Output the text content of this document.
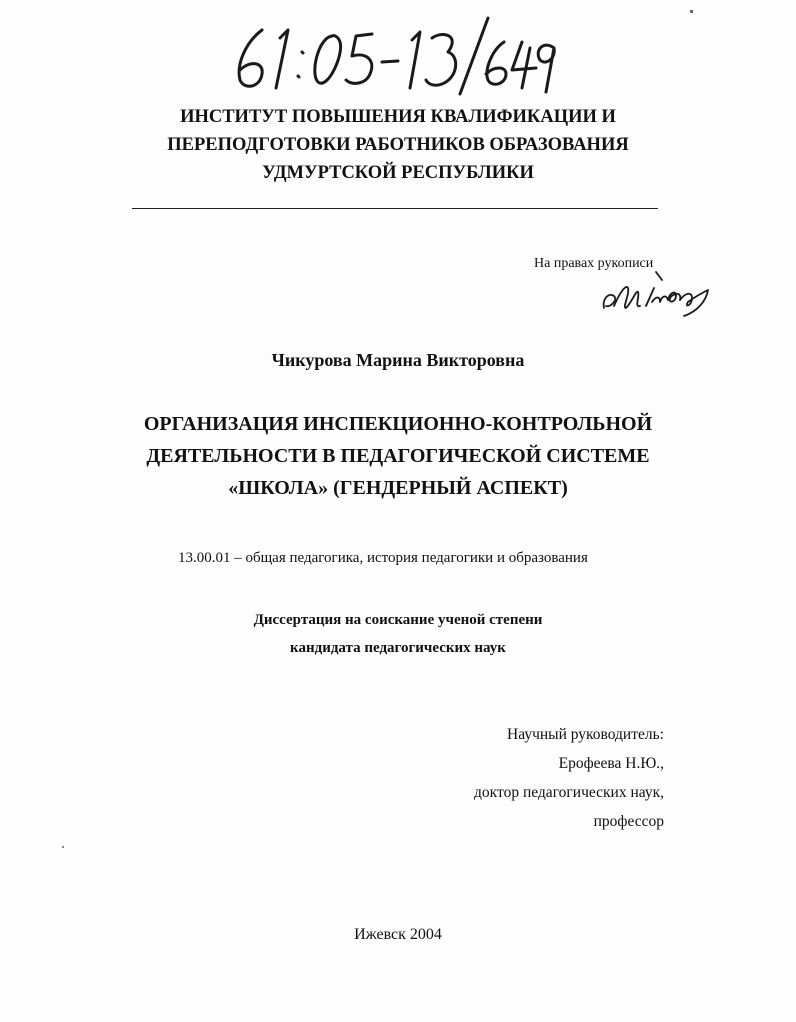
ИНСТИТУТ ПОВЫШЕНИЯ КВАЛИФИКАЦИИ И
ПЕРЕПОДГОТОВКИ РАБОТНИКОВ ОБРАЗОВАНИЯ
УДМУРТСКОЙ РЕСПУБЛИКИ
На правах рукописи
Чикурова Марина Викторовна
ОРГАНИЗАЦИЯ ИНСПЕКЦИОННО-КОНТРОЛЬНОЙ
ДЕЯТЕЛЬНОСТИ В ПЕДАГОГИЧЕСКОЙ СИСТЕМЕ
«ШКОЛА» (ГЕНДЕРНЫЙ АСПЕКТ)
13.00.01 – общая педагогика, история педагогики и образования
Диссертация на соискание ученой степени
кандидата педагогических наук
Научный руководитель:
Ерофеева Н.Ю.,
доктор педагогических наук,
профессор
Ижевск 2004
